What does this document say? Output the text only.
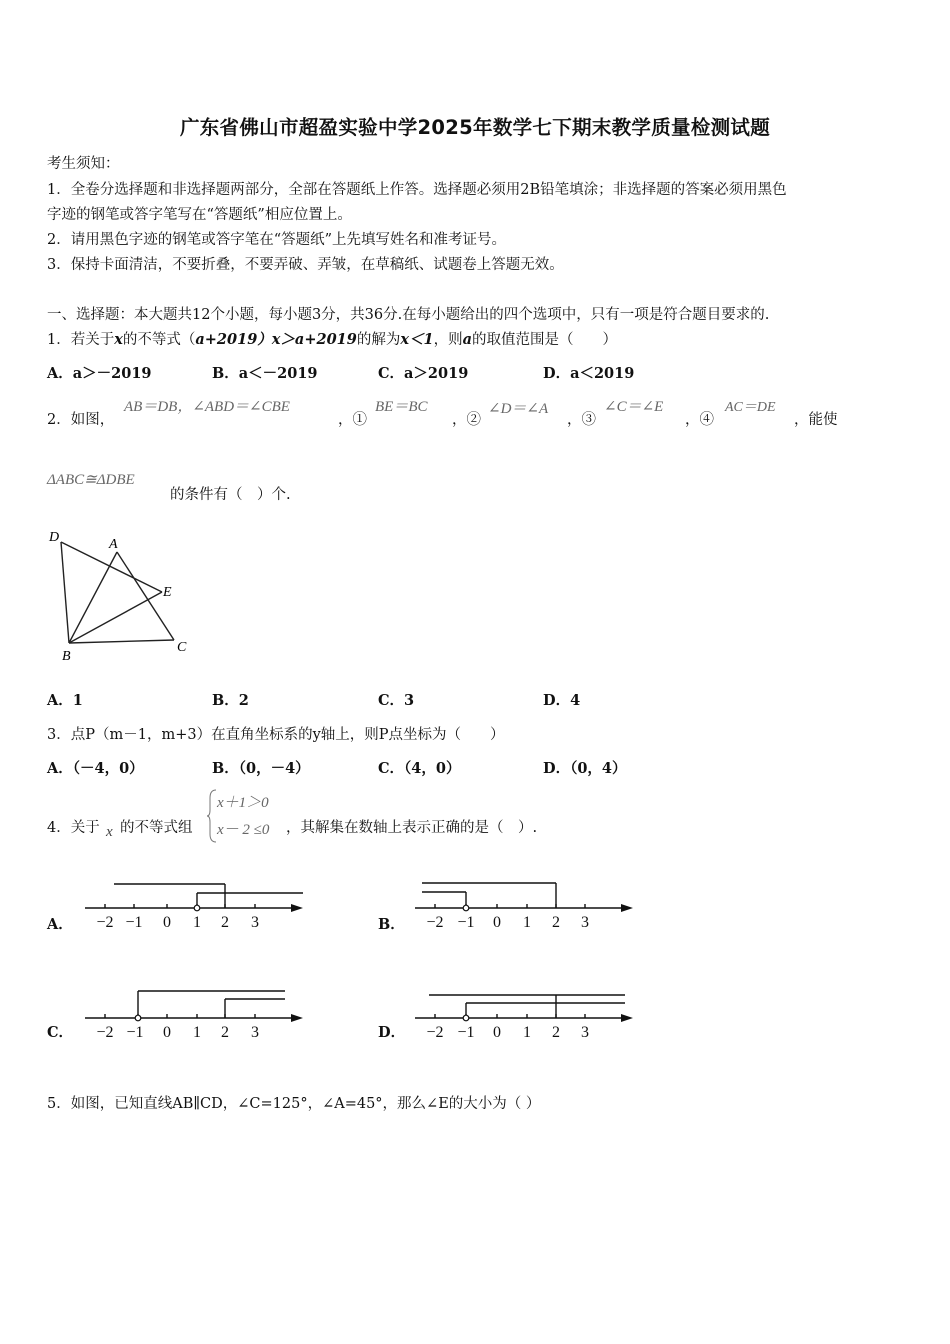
广东省佛山市超盈实验中学2025年数学七下期末教学质量检测试题
考生须知：
1．全卷分选择题和非选择题两部分，全部在答题纸上作答。选择题必须用2B铅笔填涂；非选择题的答案必须用黑色
字迹的钢笔或答字笔写在“答题纸”相应位置上。
2．请用黑色字迹的钢笔或答字笔在“答题纸”上先填写姓名和准考证号。
3．保持卡面清洁，不要折叠，不要弄破、弄皱，在草稿纸、试题卷上答题无效。
一、选择题：本大题共12个小题，每小题3分，共36分.在每小题给出的四个选项中，只有一项是符合题目要求的.
1．若关于x的不等式（a+2019）x＞a+2019的解为x＜1，则a的取值范围是（　　）
A．a＞－2019	B．a＜－2019	C．a＞2019	D．a＜2019
2．如图，
AB＝DB，∠ABD＝∠CBE
，①
BE＝BC
，②
∠D＝∠A
，③
∠C＝∠E
，④
AC＝DE
，能使
ΔABC≅ΔDBE
的条件有（　）个.
D	A
E
B
C
A．1	B．2	C．3	D．4
3．点P（m－1，m+3）在直角坐标系的y轴上，则P点坐标为（　　）
A．（－4，0）	B．（0，－4）	C．（4，0）	D．（0，4）
4．关于 x 的不等式组
x＋1＞0
x－ 2 ≤0 ，其解集在数轴上表示正确的是（　）.
A． −2 −1 0 1 2 3	B． −2 −1 0 1 2 3
C． −2 −1 0 1 2 3	D． −2 −1 0 1 2 3
5．如图，已知直线AB∥CD，∠C=125°，∠A=45°，那么∠E的大小为（ ）
